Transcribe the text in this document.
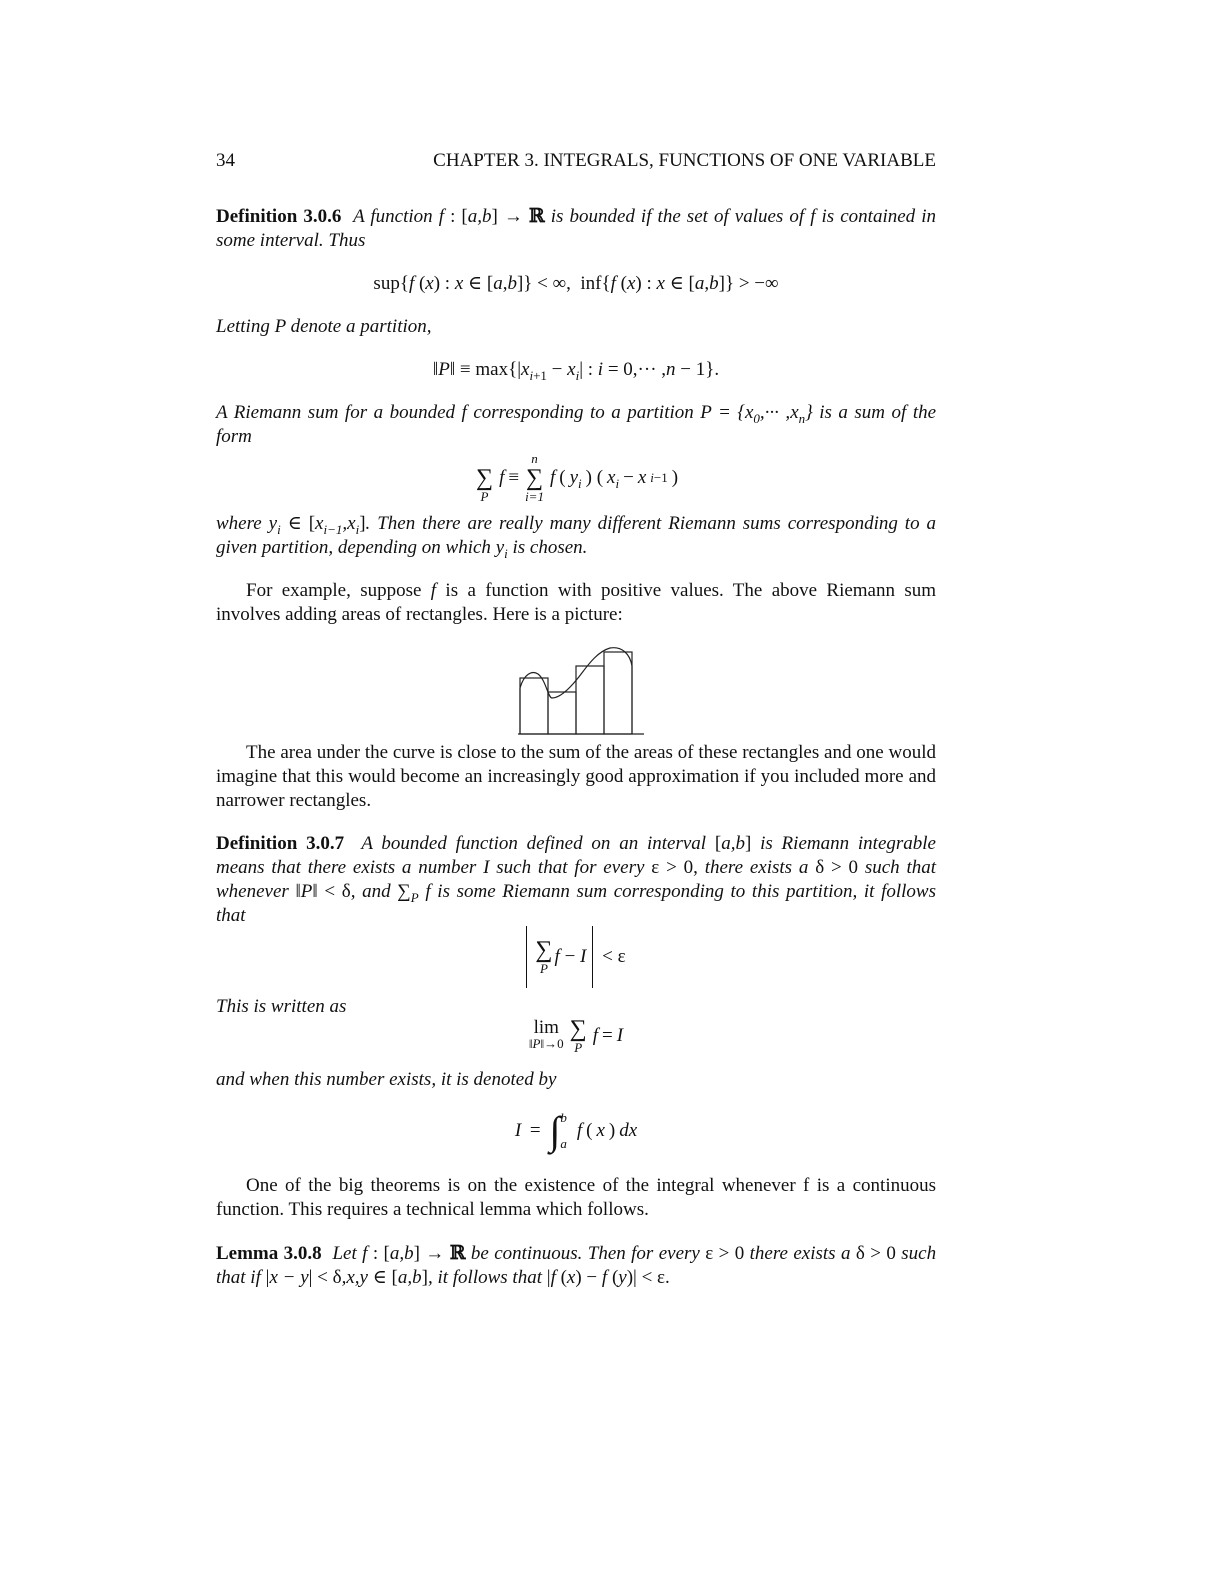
34	CHAPTER 3. INTEGRALS, FUNCTIONS OF ONE VARIABLE
Definition 3.0.6 A function f : [a,b] → ℝ is bounded if the set of values of f is contained in some interval. Thus
sup{f (x) : x ∈ [a,b]} < ∞,  inf{f (x) : x ∈ [a,b]} > −∞
Letting P denote a partition,
‖P‖ ≡ $\max\{|x_{i+1} - x_i|$ : i = 0,··· ,n − 1}.
A Riemann sum for a bounded f corresponding to a partition $P = \{x_0,\cdot\cdot\cdot ,x_n\}$ is a sum of the form
∑
P
f ≡
n
∑
i=1
f ( $y_i$ ) ( $x_i - x$ i−1 )
where $y_i$ ∈ $[x_{i-1},x_i]$. Then there are really many different Riemann sums corresponding to a given partition, depending on which $y_i$ is chosen.
For example, suppose f is a function with positive values. The above Riemann sum involves adding areas of rectangles. Here is a picture:
The area under the curve is close to the sum of the areas of these rectangles and one would imagine that this would become an increasingly good approximation if you included more and narrower rectangles.
Definition 3.0.7 A bounded function defined on an interval [a,b] is Riemann integrable means that there exists a number I such that for every ε > 0, there exists a δ > 0 such that whenever ‖P‖ < δ, and $\sum_P$ f is some Riemann sum corresponding to this partition, it follows that
∑
P
f − I < ε
This is written as
lim
‖P‖→0
∑
P
f = I
and when this number exists, it is denoted by
I = ∫ b
a
f ( x ) dx
One of the big theorems is on the existence of the integral whenever f is a continuous function. This requires a technical lemma which follows.
Lemma 3.0.8 Let f : [a,b] → ℝ be continuous. Then for every ε > 0 there exists a δ > 0 such that if |x − y| < δ,x,y ∈ [a,b], it follows that |f (x) − f (y)| < ε.
